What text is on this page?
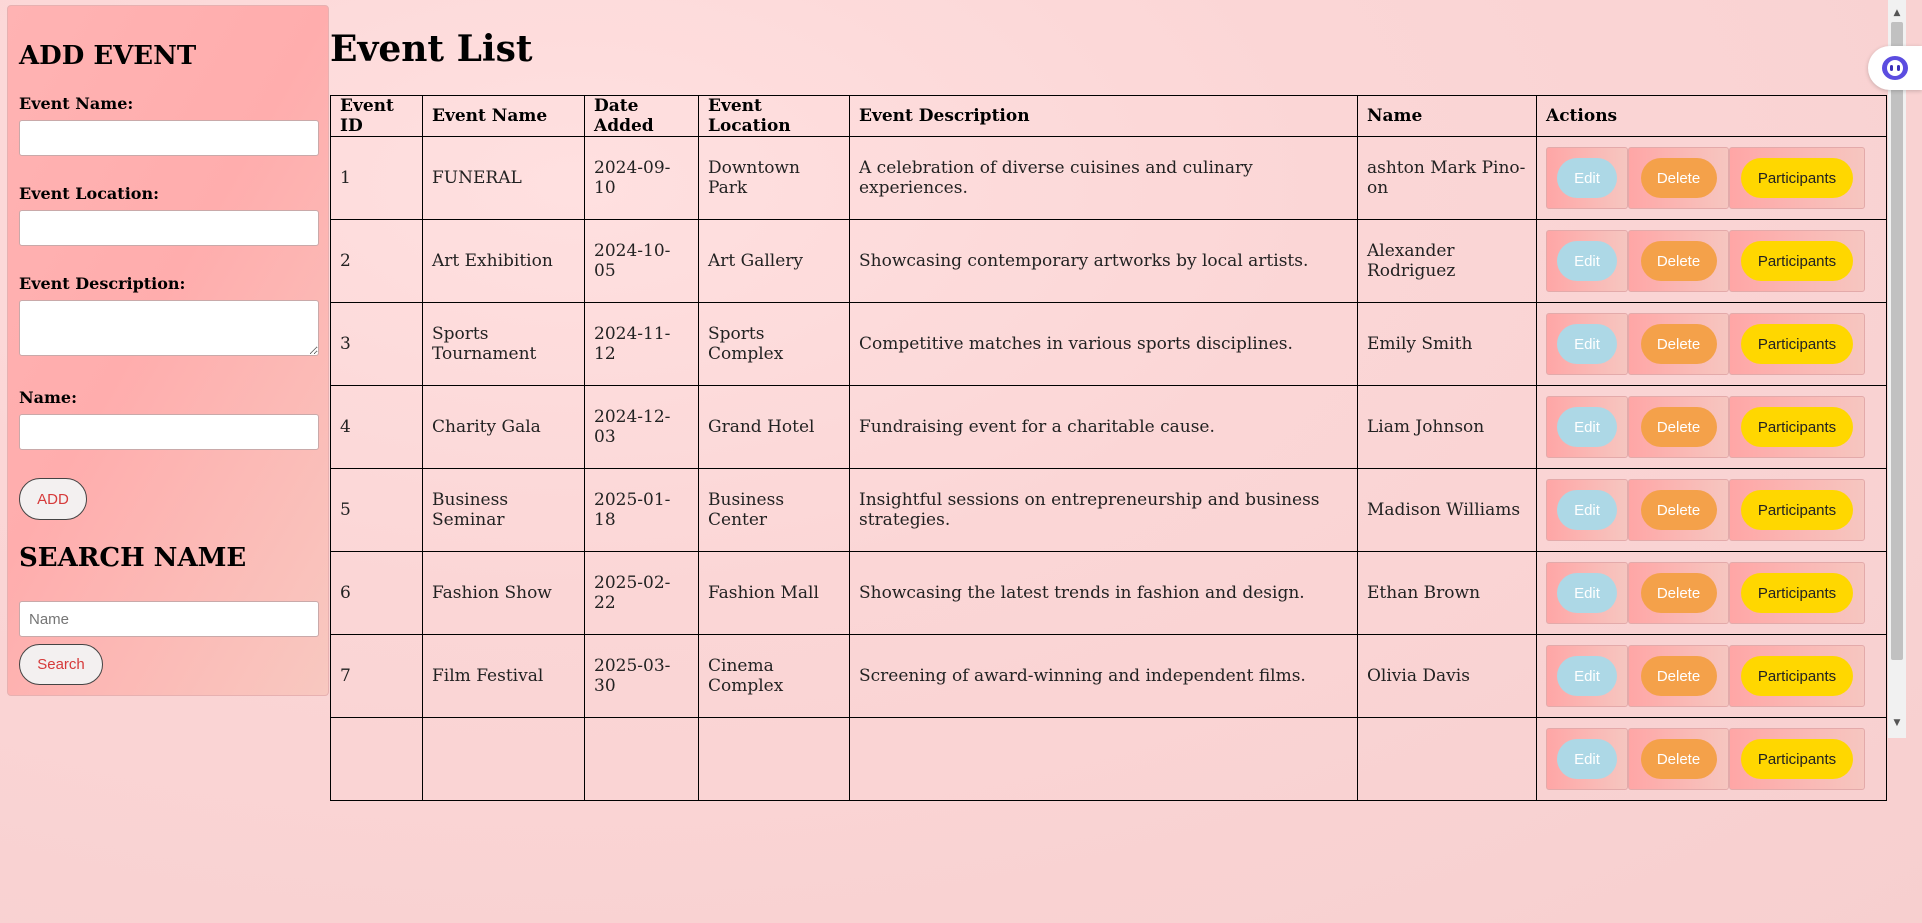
ADD EVENT
Event Name:
Event Location:
Event Description:
Name:
ADD
SEARCH NAME
Name
Search
Event List
Event ID	Event Name	Date Added	Event Location	Event Description	Name	Actions
1	FUNERAL	2024-09-10	Downtown Park	A celebration of diverse cuisines and culinary experiences.	ashton Mark Pino-on	Edit Delete Participants

2	Art Exhibition	2024-10-05	Art Gallery	Showcasing contemporary artworks by local artists.	Alexander Rodriguez	Edit Delete Participants

3	Sports Tournament	2024-11-12	Sports Complex	Competitive matches in various sports disciplines.	Emily Smith	Edit Delete Participants

4	Charity Gala	2024-12-03	Grand Hotel	Fundraising event for a charitable cause.	Liam Johnson	Edit Delete Participants

5	Business Seminar	2025-01-18	Business Center	Insightful sessions on entrepreneurship and business strategies.	Madison Williams	Edit Delete Participants

6	Fashion Show	2025-02-22	Fashion Mall	Showcasing the latest trends in fashion and design.	Ethan Brown	Edit Delete Participants

7	Film Festival	2025-03-30	Cinema Complex	Screening of award-winning and independent films.	Olivia Davis	Edit Delete Participants

						Edit Delete Participants
▲
▼
